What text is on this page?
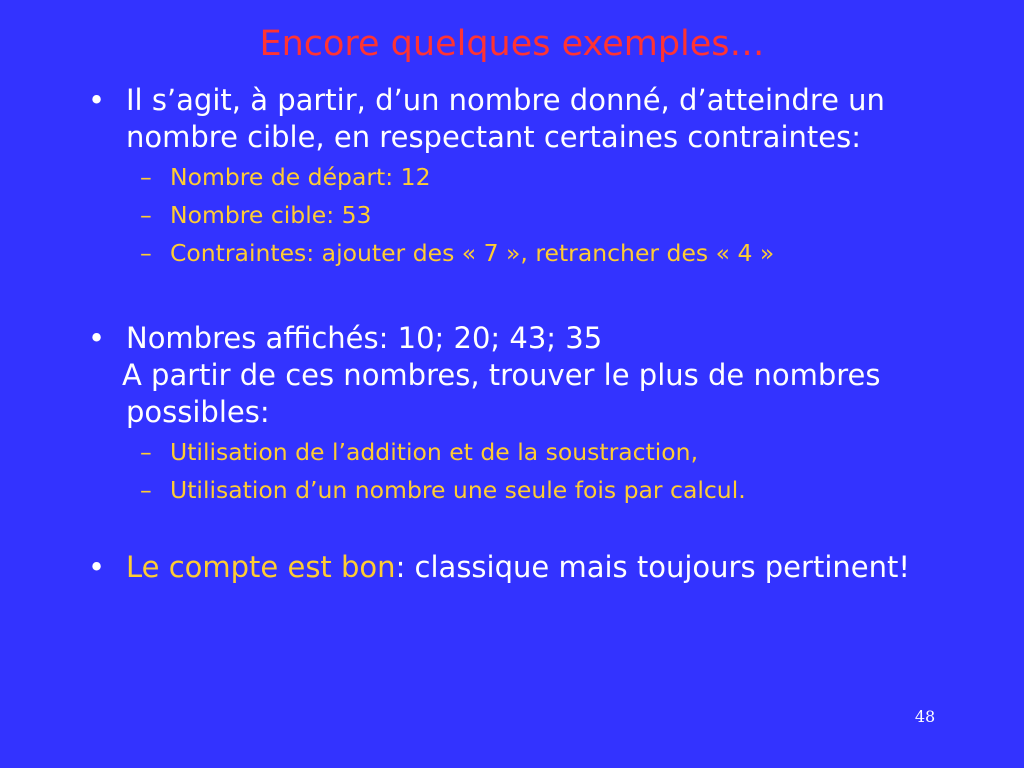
Encore quelques exemples…
• Il s’agit, à partir, d’un nombre donné, d’atteindre un nombre cible, en respectant certaines contraintes:
– Nombre de départ: 12
– Nombre cible: 53
– Contraintes: ajouter des « 7 », retrancher des « 4 »
• Nombres affichés: 10; 20; 43; 35
A partir de ces nombres, trouver le plus de nombres possibles:
– Utilisation de l’addition et de la soustraction,
– Utilisation d’un nombre une seule fois par calcul.
• Le compte est bon: classique mais toujours pertinent!
48
